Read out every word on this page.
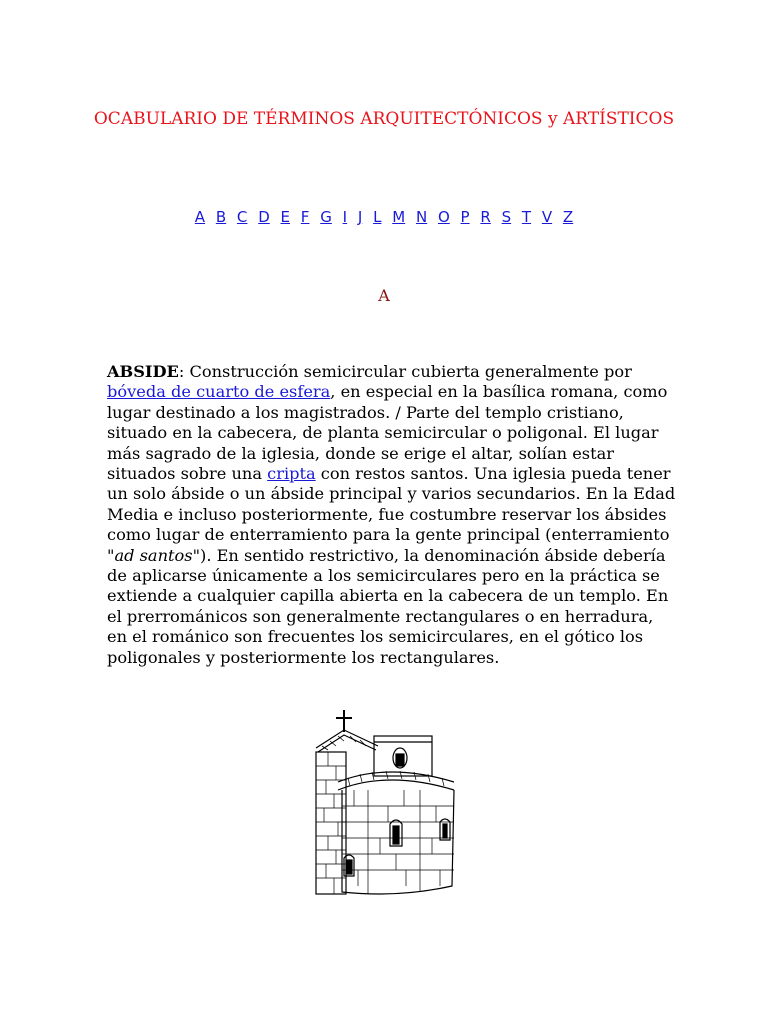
OCABULARIO DE TÉRMINOS ARQUITECTÓNICOS y ARTÍSTICOS
A B C D E F G I J L M N O P R S T V Z
A

ABSIDE: Construcción semicircular cubierta generalmente por bóveda de cuarto de esfera, en especial en la basílica romana, como lugar destinado a los magistrados. / Parte del templo cristiano, situado en la cabecera, de planta semicircular o poligonal. El lugar más sagrado de la iglesia, donde se erige el altar, solían estar situados sobre una cripta con restos santos. Una iglesia pueda tener un solo ábside o un ábside principal y varios secundarios. En la Edad Media e incluso posteriormente, fue costumbre reservar los ábsides como lugar de enterramiento para la gente principal (enterramiento "ad santos"). En sentido restrictivo, la denominación ábside debería de aplicarse únicamente a los semicirculares pero en la práctica se extiende a cualquier capilla abierta en la cabecera de un templo. En el prerrománicos son generalmente rectangulares o en herradura, en el románico son frecuentes los semicirculares, en el gótico los poligonales y posteriormente los rectangulares.
